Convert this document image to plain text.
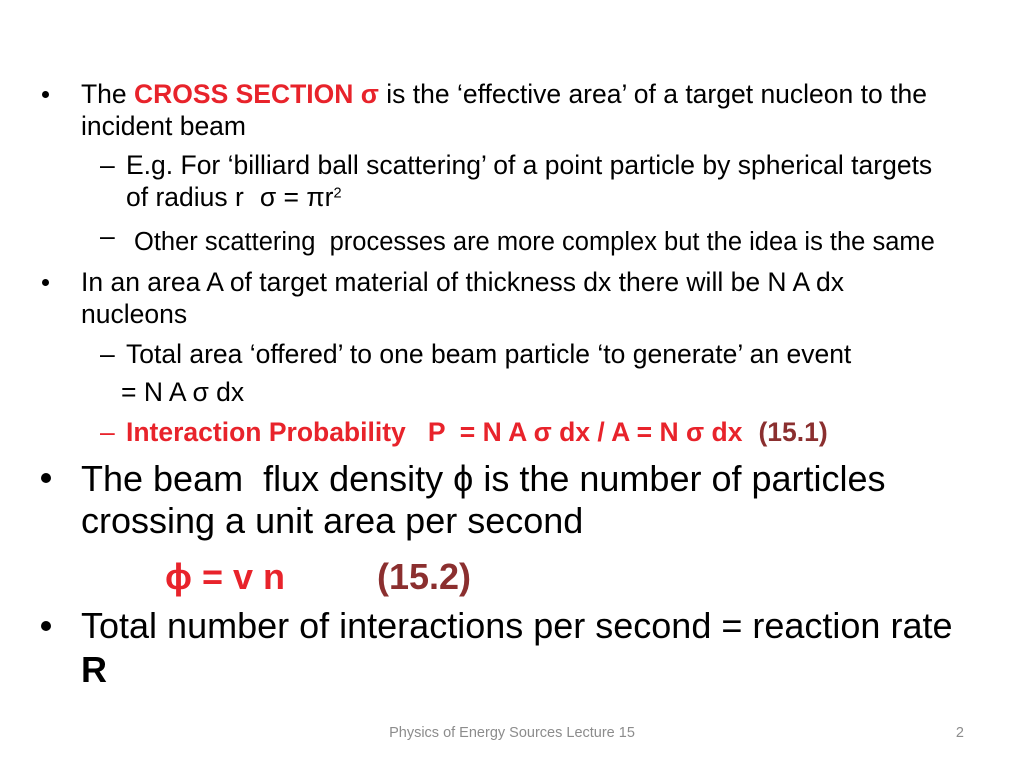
The CROSS SECTION σ is the ‘effective area’ of a target nucleon to the
incident beam
– E.g. For ‘billiard ball scattering’ of a point particle by spherical targets
of radius r $\sigma = \pi r^2$
– Other scattering  processes are more complex but the idea is the same
In an area A of target material of thickness dx there will be N A dx
nucleons
– Total area ‘offered’ to one beam particle ‘to generate’ an event
= N A σ dx
– Interaction Probability   P  = N A σ dx / A = N σ dx (15.1)
The beam  flux density ϕ is the number of particles
crossing a unit area per second
ϕ = v n	(15.2)
Total number of interactions per second = reaction rate
R
Physics of Energy Sources Lecture 15	2
